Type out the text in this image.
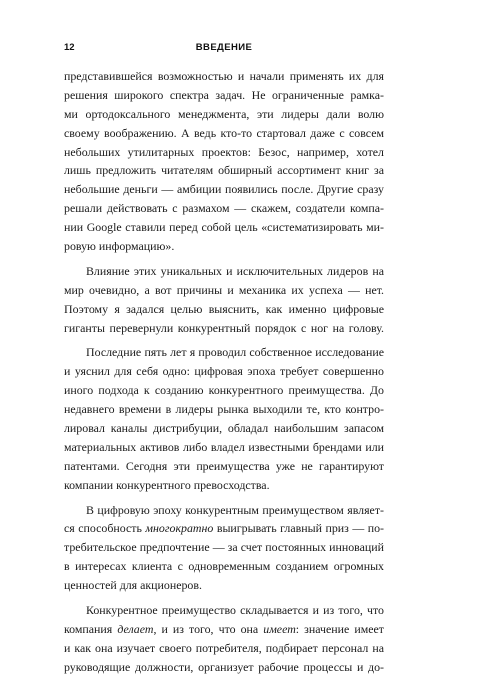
12	ВВЕДЕНИЕ
представившейся возможностью и начали применять их для
решения широкого спектра задач. Не ограниченные рамка-
ми ортодоксального менеджмента, эти лидеры дали волю
своему воображению. А ведь кто-то стартовал даже с совсем
небольших утилитарных проектов: Безос, например, хотел
лишь предложить читателям обширный ассортимент книг за
небольшие деньги — амбиции появились после. Другие сразу
решали действовать с размахом — скажем, создатели компа-
нии Google ставили перед собой цель «систематизировать ми-
ровую информацию».
Влияние этих уникальных и исключительных лидеров на
мир очевидно, а вот причины и механика их успеха — нет.
Поэтому я задался целью выяснить, как именно цифровые
гиганты перевернули конкурентный порядок с ног на голову.
Последние пять лет я проводил собственное исследование
и уяснил для себя одно: цифровая эпоха требует совершенно
иного подхода к созданию конкурентного преимущества. До
недавнего времени в лидеры рынка выходили те, кто контро-
лировал каналы дистрибуции, обладал наибольшим запасом
материальных активов либо владел известными брендами или
патентами. Сегодня эти преимущества уже не гарантируют
компании конкурентного превосходства.
В цифровую эпоху конкурентным преимуществом являет-
ся способность многократно выигрывать главный приз — по-
требительское предпочтение — за счет постоянных инноваций
в интересах клиента с одновременным созданием огромных
ценностей для акционеров.
Конкурентное преимущество складывается и из того, что
компания делает, и из того, что она имеет: значение имеет
и как она изучает своего потребителя, подбирает персонал на
руководящие должности, организует рабочие процессы и до-
